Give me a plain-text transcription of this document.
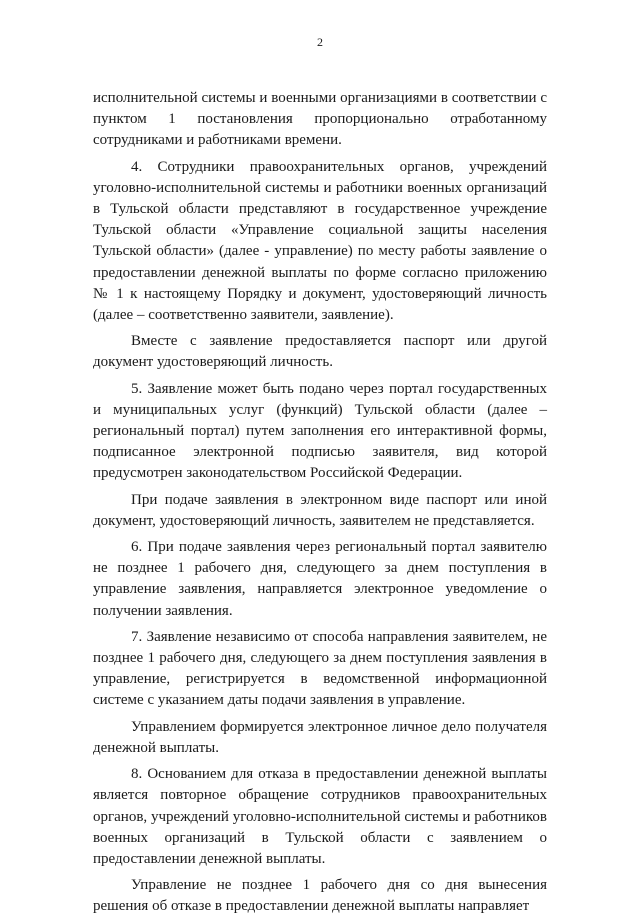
2

исполнительной системы и военными организациями в соответствии с пунктом 1 постановления пропорционально отработанному сотрудниками и работниками времени.

4. Сотрудники правоохранительных органов, учреждений уголовно-исполнительной системы и работники военных организаций в Тульской области представляют в государственное учреждение Тульской области «Управление социальной защиты населения Тульской области» (далее - управление) по месту работы заявление о предоставлении денежной выплаты по форме согласно приложению № 1 к настоящему Порядку и документ, удостоверяющий личность (далее – соответственно заявители, заявление).

Вместе с заявление предоставляется паспорт или другой документ удостоверяющий личность.

5. Заявление может быть подано через портал государственных и муниципальных услуг (функций) Тульской области (далее – региональный портал) путем заполнения его интерактивной формы, подписанное электронной подписью заявителя, вид которой предусмотрен законодательством Российской Федерации.

При подаче заявления в электронном виде паспорт или иной документ, удостоверяющий личность, заявителем не представляется.

6. При подаче заявления через региональный портал заявителю не позднее 1 рабочего дня, следующего за днем поступления в управление заявления, направляется электронное уведомление о получении заявления.

7. Заявление независимо от способа направления заявителем, не позднее 1 рабочего дня, следующего за днем поступления заявления в управление, регистрируется в ведомственной информационной системе с указанием даты подачи заявления в управление.

Управлением формируется электронное личное дело получателя денежной выплаты.

8. Основанием для отказа в предоставлении денежной выплаты является повторное обращение сотрудников правоохранительных органов, учреждений уголовно-исполнительной системы и работников военных организаций в Тульской области с заявлением о предоставлении денежной выплаты.

Управление не позднее 1 рабочего дня со дня вынесения решения об отказе в предоставлении денежной выплаты направляет
